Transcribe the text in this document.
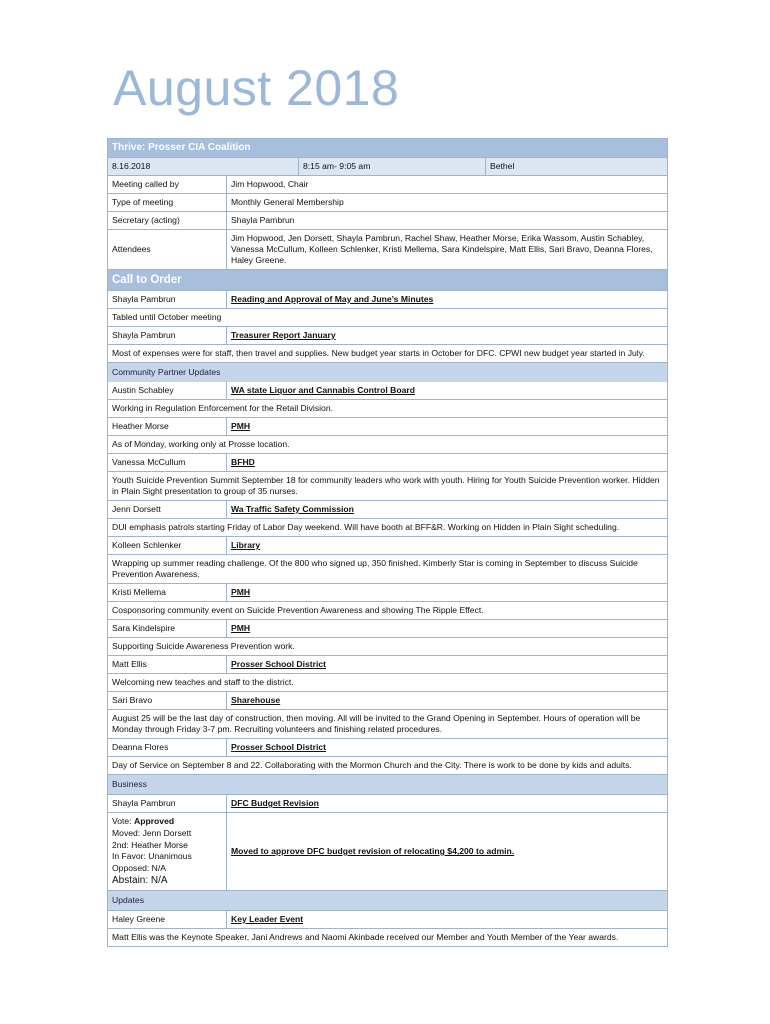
August 2018
Thrive: Prosser CIA Coalition
8.16.2018	8:15 am- 9:05 am	Bethel
Meeting called by	Jim Hopwood, Chair
Type of meeting	Monthly General Membership
Secretary (acting)	Shayla Pambrun
Attendees
Jim Hopwood, Jen Dorsett, Shayla Pambrun, Rachel Shaw, Heather Morse, Erika Wassom, Austin Schabley, Vanessa McCullum, Kolleen Schlenker, Kristi Mellema, Sara Kindelspire, Matt Ellis, Sari Bravo, Deanna Flores, Haley Greene.
Call to Order
Shayla Pambrun	Reading and Approval of May and June’s Minutes
Tabled until October meeting
Shayla Pambrun	Treasurer Report January
Most of expenses were for staff, then travel and supplies. New budget year starts in October for DFC. CPWI new budget year started in July.
Community Partner Updates
Austin Schabley	WA state Liquor and Cannabis Control Board
Working in Regulation Enforcement for the Retail Division.
Heather Morse	PMH
As of Monday, working only at Prosse location.
Vanessa McCullum	BFHD
Youth Suicide Prevention Summit September 18 for community leaders who work with youth. Hiring for Youth Suicide Prevention worker. Hidden in Plain Sight presentation to group of 35 nurses.
Jenn Dorsett	Wa Traffic Safety Commission
DUI emphasis patrols starting Friday of Labor Day weekend. Will have booth at BFF&R. Working on Hidden in Plain Sight scheduling.
Kolleen Schlenker	Library
Wrapping up summer reading challenge. Of the 800 who signed up, 350 finished. Kimberly Star is coming in September to discuss Suicide Prevention Awareness.
Kristi Mellema	PMH
Cosponsoring community event on Suicide Prevention Awareness and showing The Ripple Effect.
Sara Kindelspire	PMH
Supporting Suicide Awareness Prevention work.
Matt Ellis	Prosser School District
Welcoming new teaches and staff to the district.
Sari Bravo	Sharehouse
August 25 will be the last day of construction, then moving. All will be invited to the Grand Opening in September. Hours of operation will be Monday through Friday 3-7 pm. Recruiting volunteers and finishing related procedures.
Deanna Flores	Prosser School District
Day of Service on September 8 and 22. Collaborating with the Mormon Church and the City. There is work to be done by kids and adults.
Business
Shayla Pambrun	DFC Budget Revision
Vote: Approved
Moved: Jenn Dorsett
2nd: Heather Morse
In Favor: Unanimous
Opposed: N/A
Abstain: N/A
Moved to approve DFC budget revision of relocating $4,200 to admin.
Updates
Haley Greene	Key Leader Event
Matt Ellis was the Keynote Speaker, Jani Andrews and Naomi Akinbade received our Member and Youth Member of the Year awards.
